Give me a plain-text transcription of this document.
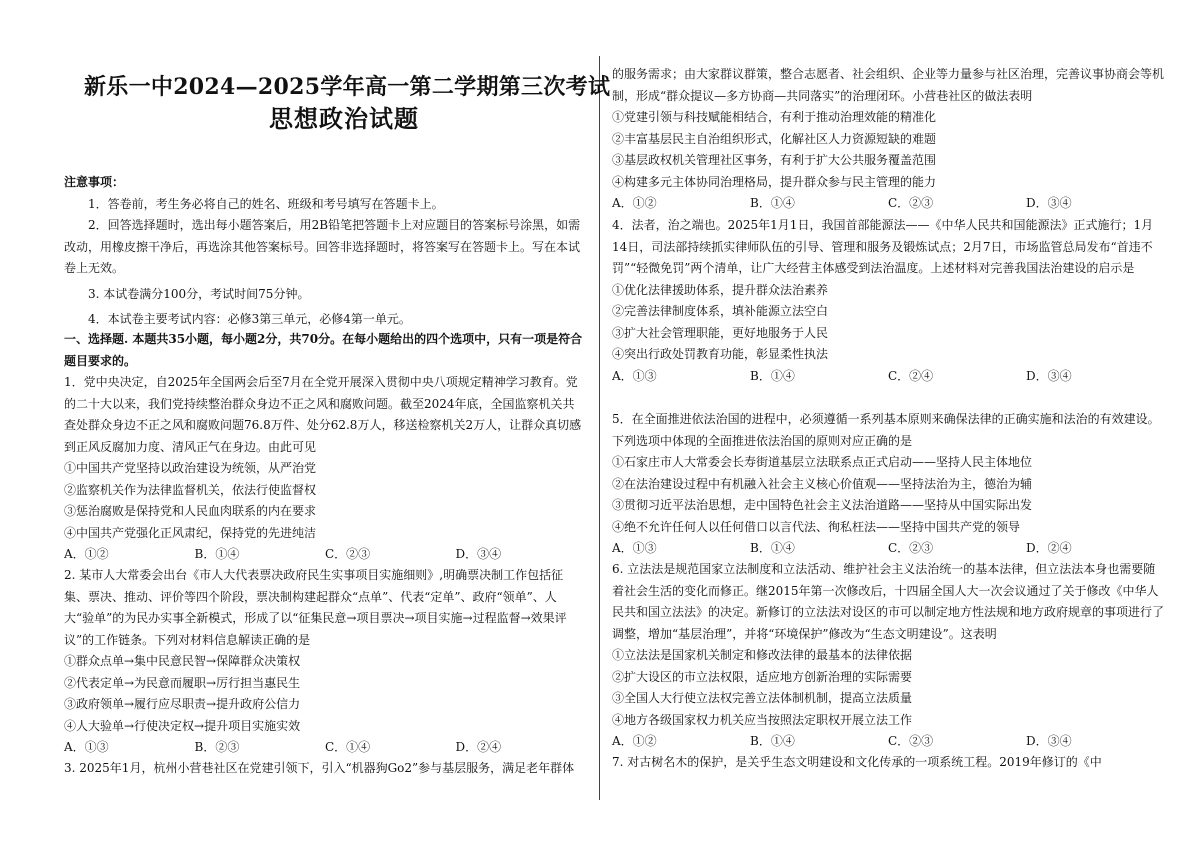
新乐一中2024—2025学年高一第二学期第三次考试
思想政治试题

注意事项：

1．答卷前，考生务必将自己的姓名、班级和考号填写在答题卡上。

2．回答选择题时，选出每小题答案后，用2B铅笔把答题卡上对应题目的答案标号涂黑，如需改动，用橡皮擦干净后，再选涂其他答案标号。回答非选择题时，将答案写在答题卡上。写在本试卷上无效。

3. 本试卷满分100分，考试时间75分钟。

4．本试卷主要考试内容：必修3第三单元，必修4第一单元。

一、选择题. 本题共35小题，每小题2分，共70分。在每小题给出的四个选项中，只有一项是符合题目要求的。

1．党中央决定，自2025年全国两会后至7月在全党开展深入贯彻中央八项规定精神学习教育。党的二十大以来，我们党持续整治群众身边不正之风和腐败问题。截至2024年底，全国监察机关共查处群众身边不正之风和腐败问题76.8万件、处分62.8万人，移送检察机关2万人，让群众真切感到正风反腐加力度、清风正气在身边。由此可见

①中国共产党坚持以政治建设为统领，从严治党

②监察机关作为法律监督机关，依法行使监督权

③惩治腐败是保持党和人民血肉联系的内在要求

④中国共产党强化正风肃纪，保持党的先进纯洁

A．①②	B．①④	C．②③	D．③④

2. 某市人大常委会出台《市人大代表票决政府民生实事项目实施细则》,明确票决制工作包括征集、票决、推动、评价等四个阶段，票决制构建起群众“点单”、代表“定单”、政府“领单”、人大“验单”的为民办实事全新模式，形成了以“征集民意→项目票决→项目实施→过程监督→效果评议”的工作链条。下列对材料信息解读正确的是

①群众点单→集中民意民智→保障群众决策权

②代表定单→为民意而履职→厉行担当惠民生

③政府领单→履行应尽职责→提升政府公信力

④人大验单→行使决定权→提升项目实施实效

A．①③	B．②③	C．①④	D．②④

3. 2025年1月，杭州小营巷社区在党建引领下，引入“机器狗Go2”参与基层服务，满足老年群体

的服务需求；由大家群议群策，整合志愿者、社会组织、企业等力量参与社区治理，完善议事协商会等机制，形成“群众提议—多方协商—共同落实”的治理闭环。小营巷社区的做法表明

①党建引领与科技赋能相结合，有利于推动治理效能的精准化

②丰富基层民主自治组织形式，化解社区人力资源短缺的难题

③基层政权机关管理社区事务，有利于扩大公共服务覆盖范围

④构建多元主体协同治理格局，提升群众参与民主管理的能力

A．①②	B．①④	C．②③	D．③④

4．法者，治之端也。2025年1月1日，我国首部能源法——《中华人民共和国能源法》正式施行；1月14日，司法部持续抓实律师队伍的引导、管理和服务及锻炼试点；2月7日，市场监管总局发布“首违不罚”“轻微免罚”两个清单，让广大经营主体感受到法治温度。上述材料对完善我国法治建设的启示是

①优化法律援助体系，提升群众法治素养

②完善法律制度体系，填补能源立法空白

③扩大社会管理职能，更好地服务于人民

④突出行政处罚教育功能，彰显柔性执法

A．①③	B．①④	C．②④	D．③④

5．在全面推进依法治国的进程中，必须遵循一系列基本原则来确保法律的正确实施和法治的有效建设。下列选项中体现的全面推进依法治国的原则对应正确的是

①石家庄市人大常委会长寿街道基层立法联系点正式启动——坚持人民主体地位

②在法治建设过程中有机融入社会主义核心价值观——坚持法治为主，德治为辅

③贯彻习近平法治思想，走中国特色社会主义法治道路——坚持从中国实际出发

④绝不允许任何人以任何借口以言代法、徇私枉法——坚持中国共产党的领导

A．①③	B．①④	C．②③	D．②④

6. 立法法是规范国家立法制度和立法活动、维护社会主义法治统一的基本法律，但立法法本身也需要随着社会生活的变化而修正。继2015年第一次修改后，十四届全国人大一次会议通过了关于修改《中华人民共和国立法法》的决定。新修订的立法法对设区的市可以制定地方性法规和地方政府规章的事项进行了调整，增加“基层治理”，并将“环境保护”修改为“生态文明建设”。这表明

①立法法是国家机关制定和修改法律的最基本的法律依据

②扩大设区的市立法权限，适应地方创新治理的实际需要

③全国人大行使立法权完善立法体制机制，提高立法质量

④地方各级国家权力机关应当按照法定职权开展立法工作

A．①②	B．①④	C．②③	D．③④

7. 对古树名木的保护，是关乎生态文明建设和文化传承的一项系统工程。2019年修订的《中
